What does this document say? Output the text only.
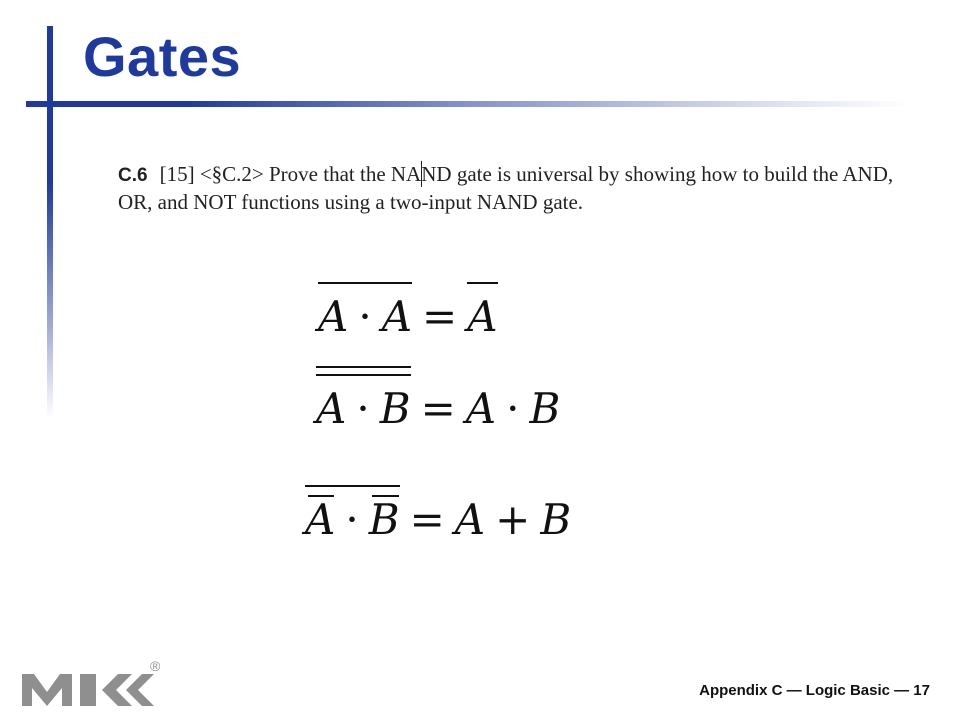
Gates
C.6 [15] <§C.2> Prove that the NAND gate is universal by showing how to build the AND, OR, and NOT functions using a two-input NAND gate.
A · A = A
A · B = A · B
A · B = A + B
®
Appendix C — Logic Basic — 17
